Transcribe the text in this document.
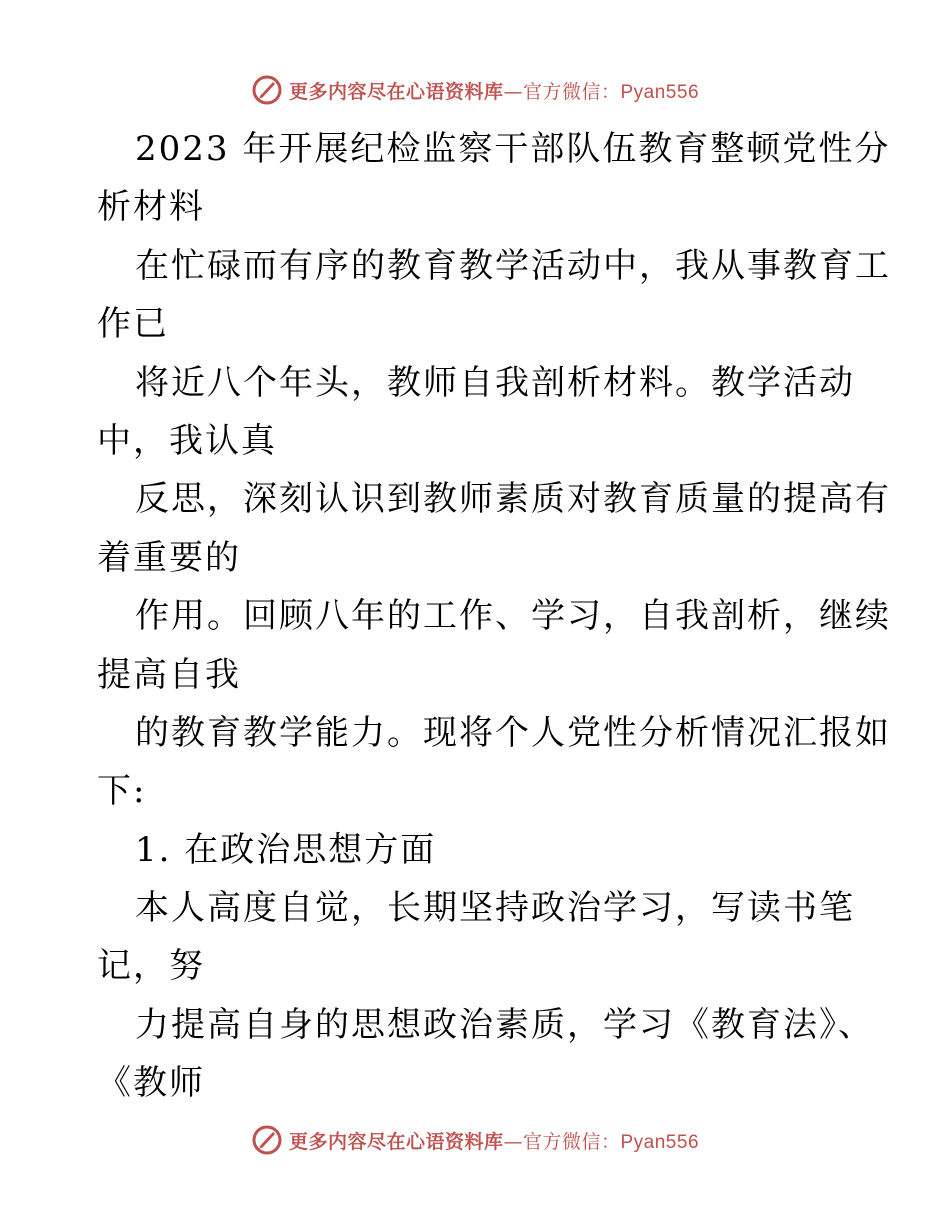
更多内容尽在心语资料库—官方微信：Pyan556
2023 年开展纪检监察干部队伍教育整顿党性分
析材料
在忙碌而有序的教育教学活动中，我从事教育工
作已
将近八个年头，教师自我剖析材料。教学活动
中，我认真
反思，深刻认识到教师素质对教育质量的提高有
着重要的
作用。回顾八年的工作、学习，自我剖析，继续
提高自我
的教育教学能力。现将个人党性分析情况汇报如
下:
1. 在政治思想方面
本人高度自觉，长期坚持政治学习，写读书笔
记，努
力提高自身的思想政治素质，学习《教育法》、
《教师
更多内容尽在心语资料库—官方微信：Pyan556
